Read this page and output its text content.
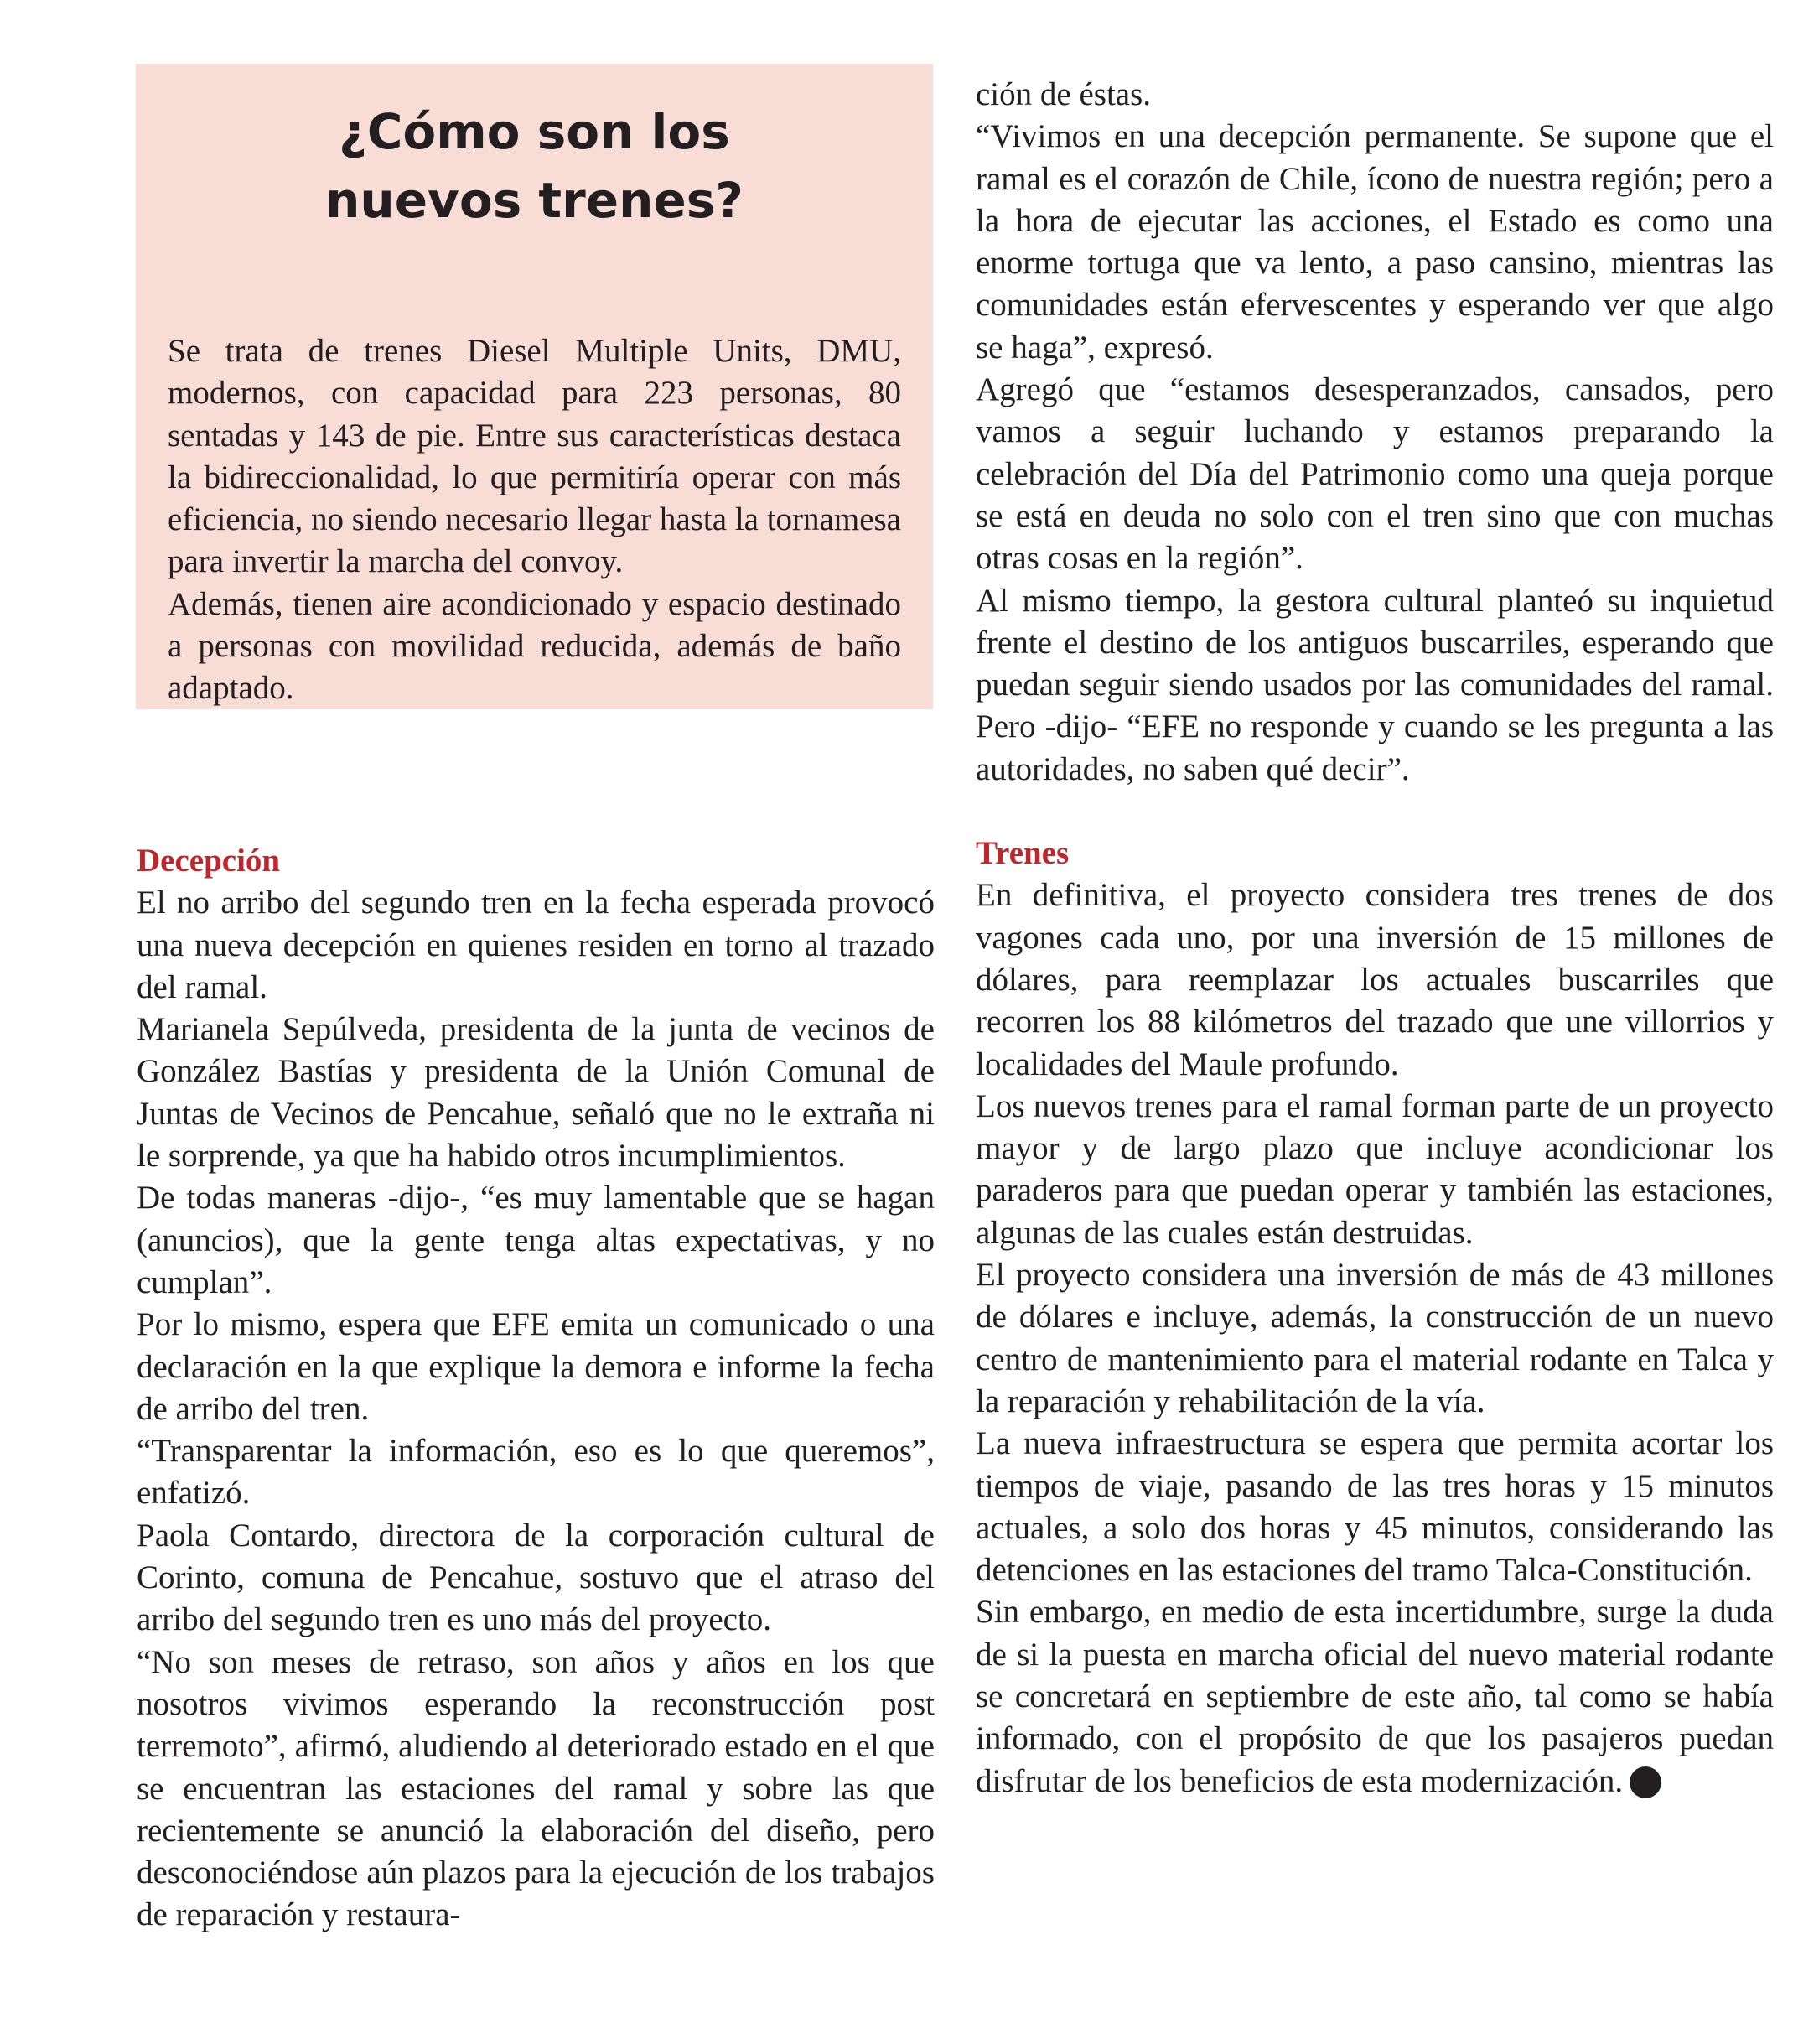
¿Cómo son los
nuevos trenes?

Se trata de trenes Diesel Multiple Units, DMU, modernos, con capacidad para 223 personas, 80 sentadas y 143 de pie. Entre sus características destaca la bidireccionalidad, lo que permitiría operar con más eficiencia, no siendo necesario llegar hasta la tornamesa para invertir la marcha del convoy.

Además, tienen aire acondicionado y espacio destinado a personas con movilidad reducida, además de baño adaptado.

Decepción

El no arribo del segundo tren en la fecha esperada provocó una nueva decepción en quienes residen en torno al trazado del ramal.

Marianela Sepúlveda, presidenta de la junta de vecinos de González Bastías y presidenta de la Unión Comunal de Juntas de Vecinos de Pencahue, señaló que no le extraña ni le sorprende, ya que ha habido otros incumplimientos.

De todas maneras -dijo-, “es muy lamentable que se hagan (anuncios), que la gente tenga altas expectativas, y no cumplan”.

Por lo mismo, espera que EFE emita un comunicado o una declaración en la que explique la demora e informe la fecha de arribo del tren.

“Transparentar la información, eso es lo que queremos”, enfatizó.

Paola Contardo, directora de la corporación cultural de Corinto, comuna de Pencahue, sostuvo que el atraso del arribo del segundo tren es uno más del proyecto.

“No son meses de retraso, son años y años en los que nosotros vivimos esperando la reconstrucción post terremoto”, afirmó, aludiendo al deteriorado estado en el que se encuentran las estaciones del ramal y sobre las que recientemente se anunció la elaboración del diseño, pero desconociéndose aún plazos para la ejecución de los trabajos de reparación y restaura-

ción de éstas.

“Vivimos en una decepción permanente. Se supone que el ramal es el corazón de Chile, ícono de nuestra región; pero a la hora de ejecutar las acciones, el Estado es como una enorme tortuga que va lento, a paso cansino, mientras las comunidades están efervescentes y esperando ver que algo se haga”, expresó.

Agregó que “estamos desesperanzados, cansados, pero vamos a seguir luchando y estamos preparando la celebración del Día del Patrimonio como una queja porque se está en deuda no solo con el tren sino que con muchas otras cosas en la región”.

Al mismo tiempo, la gestora cultural planteó su inquietud frente el destino de los antiguos buscarriles, esperando que puedan seguir siendo usados por las comunidades del ramal. Pero -dijo- “EFE no responde y cuando se les pregunta a las autoridades, no saben qué decir”.

Trenes

En definitiva, el proyecto considera tres trenes de dos vagones cada uno, por una inversión de 15 millones de dólares, para reemplazar los actuales buscarriles que recorren los 88 kilómetros del trazado que une villorrios y localidades del Maule profundo.

Los nuevos trenes para el ramal forman parte de un proyecto mayor y de largo plazo que incluye acondicionar los paraderos para que puedan operar y también las estaciones, algunas de las cuales están destruidas.

El proyecto considera una inversión de más de 43 millones de dólares e incluye, además, la construcción de un nuevo centro de mantenimiento para el material rodante en Talca y la reparación y rehabilitación de la vía.

La nueva infraestructura se espera que permita acortar los tiempos de viaje, pasando de las tres horas y 15 minutos actuales, a solo dos horas y 45 minutos, considerando las detenciones en las estaciones del tramo Talca-Constitución.

Sin embargo, en medio de esta incertidumbre, surge la duda de si la puesta en marcha oficial del nuevo material rodante se concretará en septiembre de este año, tal como se había informado, con el propósito de que los pasajeros puedan disfrutar de los beneficios de esta modernización.
